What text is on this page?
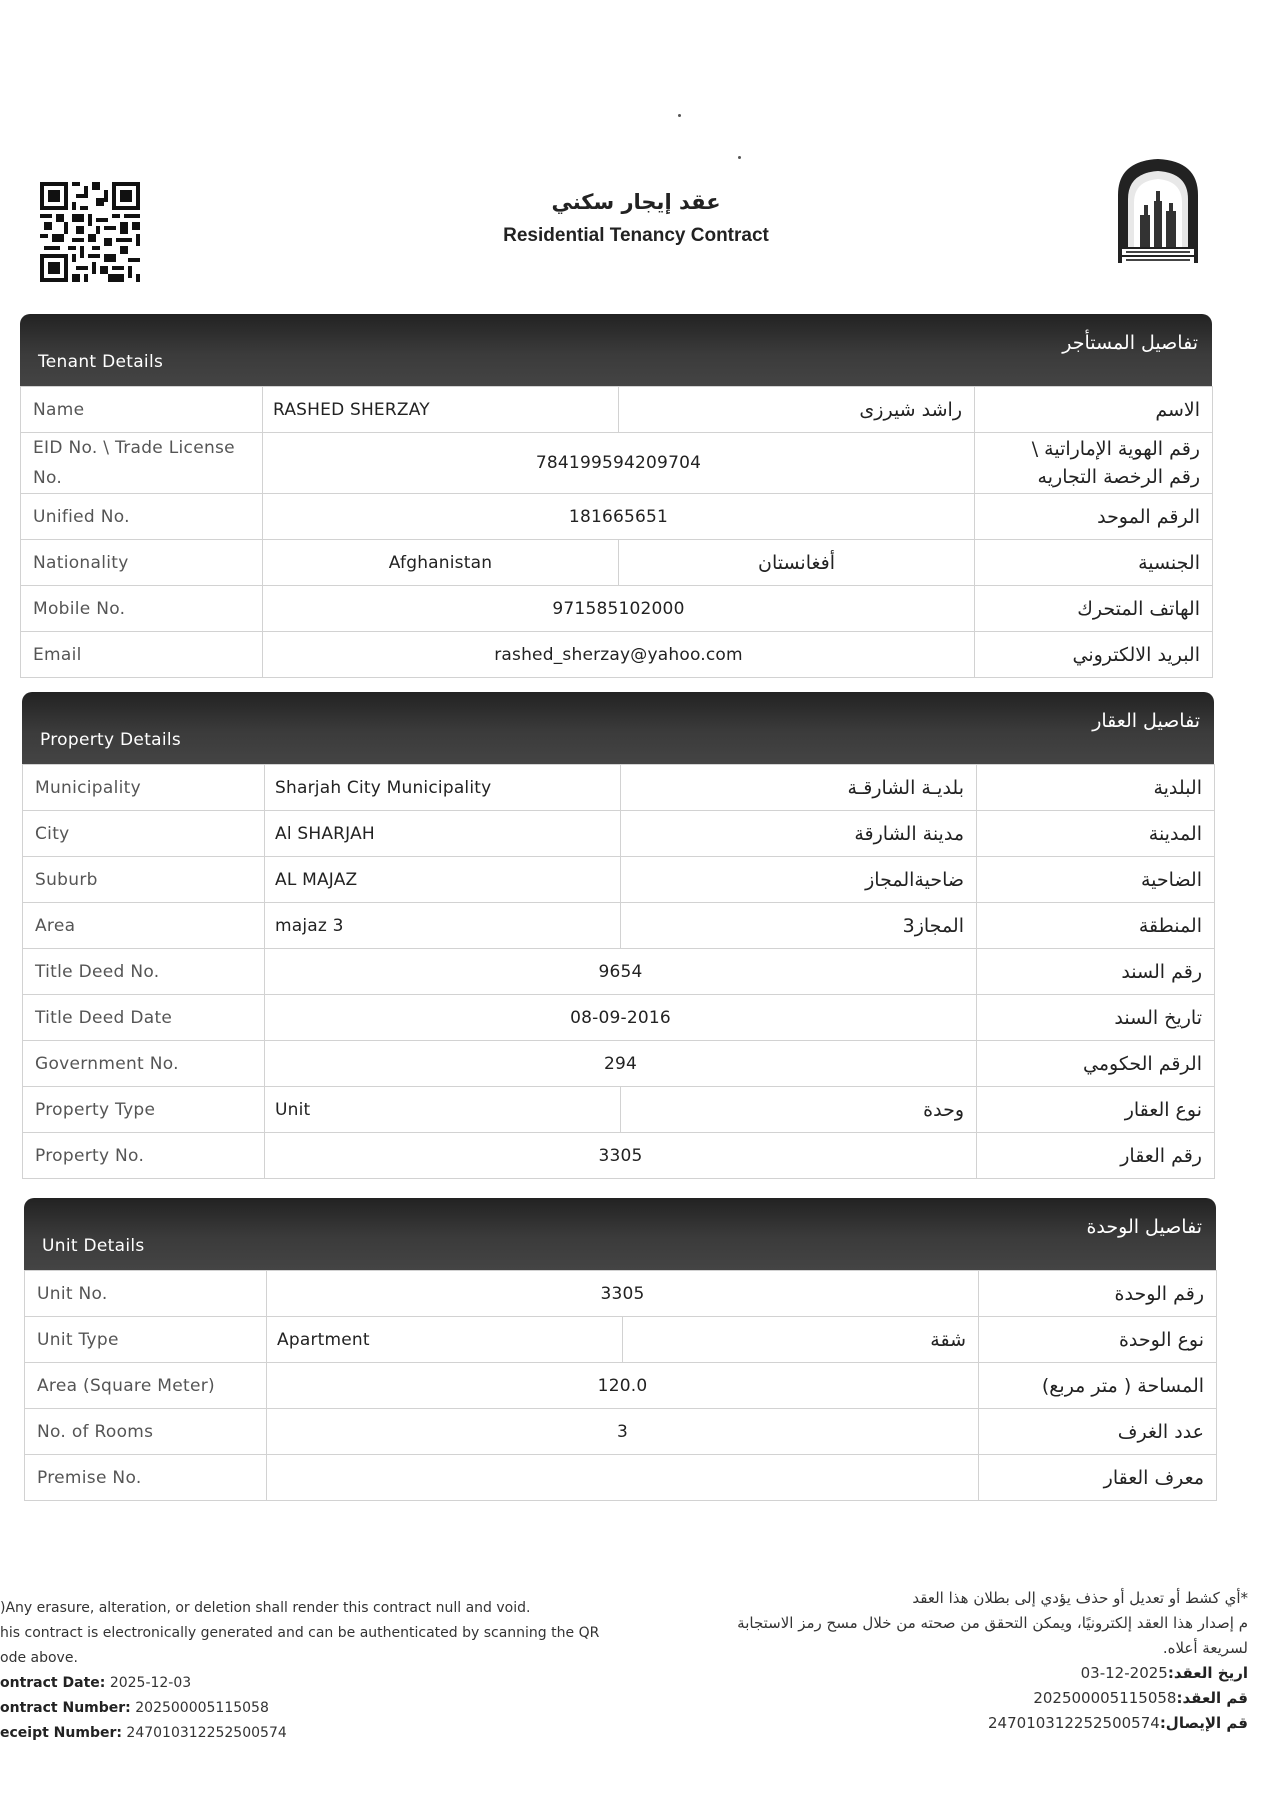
عقد إيجار سكني
Residential Tenancy Contract
Tenant Details
تفاصيل المستأجر
Name	RASHED SHERZAY	راشد شيرزى	الاسم
EID No. \ Trade License No.	784199594209704		رقم الهوية الإماراتية \
رقم الرخصة التجاريه

Unified No.	181665651		الرقم الموحد
Nationality	Afghanistan	أفغانستان	الجنسية
Mobile No.	971585102000		الهاتف المتحرك
Email	rashed_sherzay@yahoo.com		البريد الالكتروني
Property Details
تفاصيل العقار
Municipality	Sharjah City Municipality	بلديـة الشارقـة	البلدية
City	Al SHARJAH	مدينة الشارقة	المدينة
Suburb	AL MAJAZ	ضاحيةالمجاز	الضاحية
Area	majaz 3	المجاز3	المنطقة
Title Deed No.	9654		رقم السند
Title Deed Date	08-09-2016		تاريخ السند
Government No.	294		الرقم الحكومي
Property Type	Unit	وحدة	نوع العقار
Property No.	3305		رقم العقار
Unit Details
تفاصيل الوحدة
Unit No.	3305		رقم الوحدة
Unit Type	Apartment	شقة	نوع الوحدة
Area (Square Meter)	120.0		المساحة ( متر مربع)
No. of Rooms	3		عدد الغرف
Premise No.			معرف العقار
)Any erasure, alteration, or deletion shall render this contract null and void.
his contract is electronically generated and can be authenticated by scanning the QR
ode above.
ontract Date: 2025-12-03
ontract Number: 202500005115058
eceipt Number: 247010312252500574
*أي كشط أو تعديل أو حذف يؤدي إلى بطلان هذا العقد
م إصدار هذا العقد إلكترونيًا، ويمكن التحقق من صحته من خلال مسح رمز الاستجابة
لسريعة أعلاه.
اريخ العقد:2025-12-03
قم العقد:202500005115058
قم الإيصال:247010312252500574
